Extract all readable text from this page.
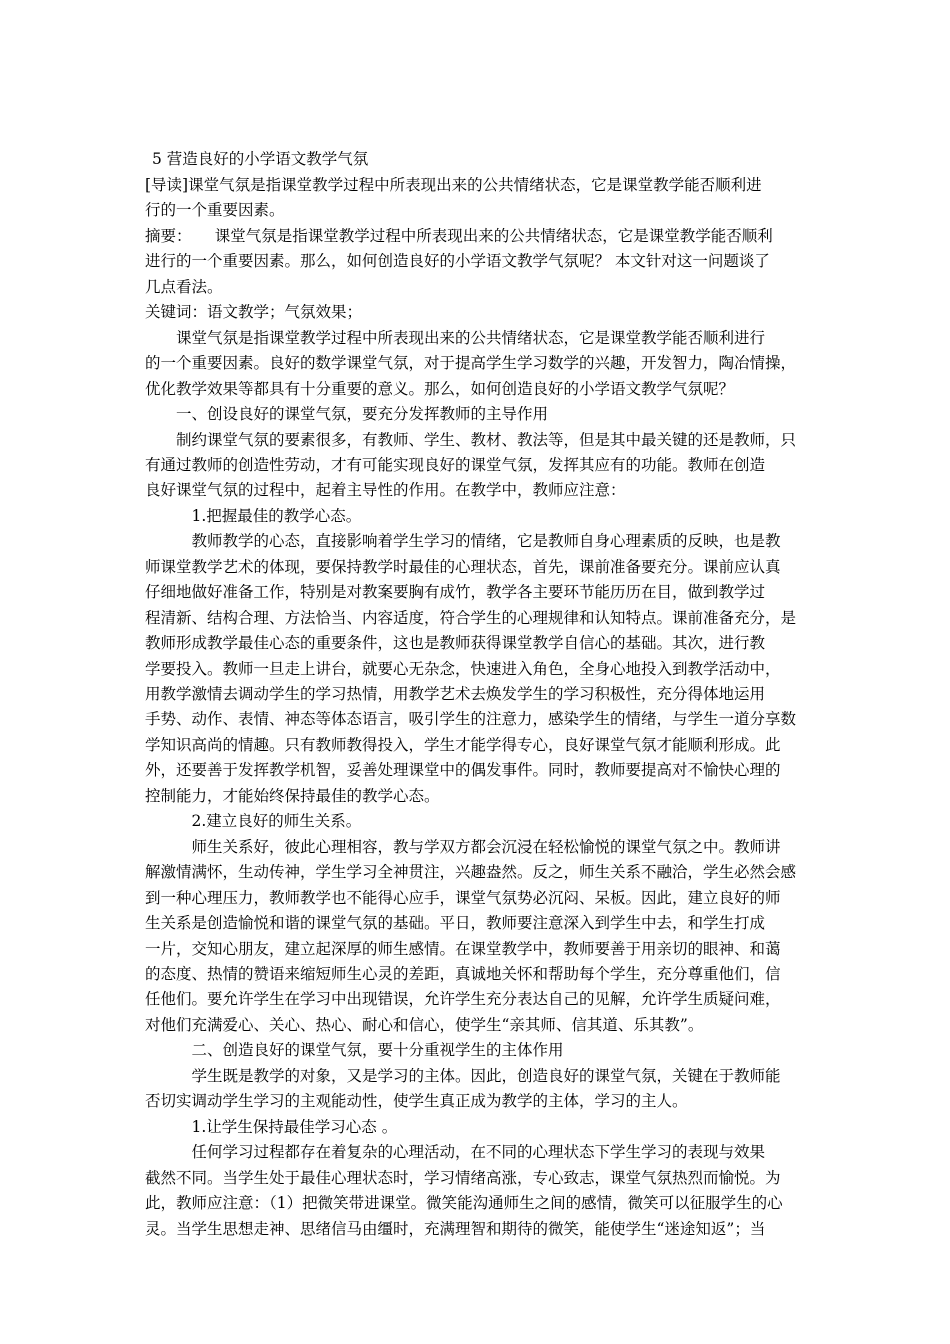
5 营造良好的小学语文教学气氛
[导读]课堂气氛是指课堂教学过程中所表现出来的公共情绪状态，它是课堂教学能否顺利进
行的一个重要因素。
摘要：　　课堂气氛是指课堂教学过程中所表现出来的公共情绪状态，它是课堂教学能否顺利
进行的一个重要因素。那么，如何创造良好的小学语文教学气氛呢？ 本文针对这一问题谈了
几点看法。
关键词：语文教学；气氛效果；
　　课堂气氛是指课堂教学过程中所表现出来的公共情绪状态，它是课堂教学能否顺利进行
的一个重要因素。良好的数学课堂气氛，对于提高学生学习数学的兴趣，开发智力，陶冶情操，
优化教学效果等都具有十分重要的意义。那么，如何创造良好的小学语文教学气氛呢？
　　一、创设良好的课堂气氛，要充分发挥教师的主导作用
　　制约课堂气氛的要素很多，有教师、学生、教材、教法等，但是其中最关键的还是教师，只
有通过教师的创造性劳动，才有可能实现良好的课堂气氛，发挥其应有的功能。教师在创造
良好课堂气氛的过程中，起着主导性的作用。在教学中，教师应注意：
　　　1.把握最佳的教学心态。
　　　教师教学的心态，直接影响着学生学习的情绪，它是教师自身心理素质的反映，也是教
师课堂教学艺术的体现，要保持教学时最佳的心理状态，首先，课前准备要充分。课前应认真
仔细地做好准备工作，特别是对教案要胸有成竹，教学各主要环节能历历在目，做到教学过
程清新、结构合理、方法恰当、内容适度，符合学生的心理规律和认知特点。课前准备充分，是
教师形成教学最佳心态的重要条件，这也是教师获得课堂教学自信心的基础。其次，进行教
学要投入。教师一旦走上讲台，就要心无杂念，快速进入角色，全身心地投入到教学活动中，
用教学激情去调动学生的学习热情，用教学艺术去焕发学生的学习积极性，充分得体地运用
手势、动作、表情、神态等体态语言，吸引学生的注意力，感染学生的情绪，与学生一道分享数
学知识高尚的情趣。只有教师教得投入，学生才能学得专心，良好课堂气氛才能顺利形成。此
外，还要善于发挥教学机智，妥善处理课堂中的偶发事件。同时，教师要提高对不愉快心理的
控制能力，才能始终保持最佳的教学心态。
　　　2.建立良好的师生关系。
　　　师生关系好，彼此心理相容，教与学双方都会沉浸在轻松愉悦的课堂气氛之中。教师讲
解激情满怀，生动传神，学生学习全神贯注，兴趣盎然。反之，师生关系不融洽，学生必然会感
到一种心理压力，教师教学也不能得心应手，课堂气氛势必沉闷、呆板。因此，建立良好的师
生关系是创造愉悦和谐的课堂气氛的基础。平日，教师要注意深入到学生中去，和学生打成
一片，交知心朋友，建立起深厚的师生感情。在课堂教学中，教师要善于用亲切的眼神、和蔼
的态度、热情的赞语来缩短师生心灵的差距，真诚地关怀和帮助每个学生，充分尊重他们，信
任他们。要允许学生在学习中出现错误，允许学生充分表达自己的见解，允许学生质疑问难，
对他们充满爱心、关心、热心、耐心和信心，使学生“亲其师、信其道、乐其教”。
　　　二、创造良好的课堂气氛，要十分重视学生的主体作用
　　　学生既是教学的对象，又是学习的主体。因此，创造良好的课堂气氛，关键在于教师能
否切实调动学生学习的主观能动性，使学生真正成为教学的主体，学习的主人。
　　　1.让学生保持最佳学习心态 。
　　　任何学习过程都存在着复杂的心理活动，在不同的心理状态下学生学习的表现与效果
截然不同。当学生处于最佳心理状态时，学习情绪高涨，专心致志，课堂气氛热烈而愉悦。为
此，教师应注意：（1）把微笑带进课堂。微笑能沟通师生之间的感情，微笑可以征服学生的心
灵。当学生思想走神、思绪信马由缰时，充满理智和期待的微笑，能使学生“迷途知返”；当
